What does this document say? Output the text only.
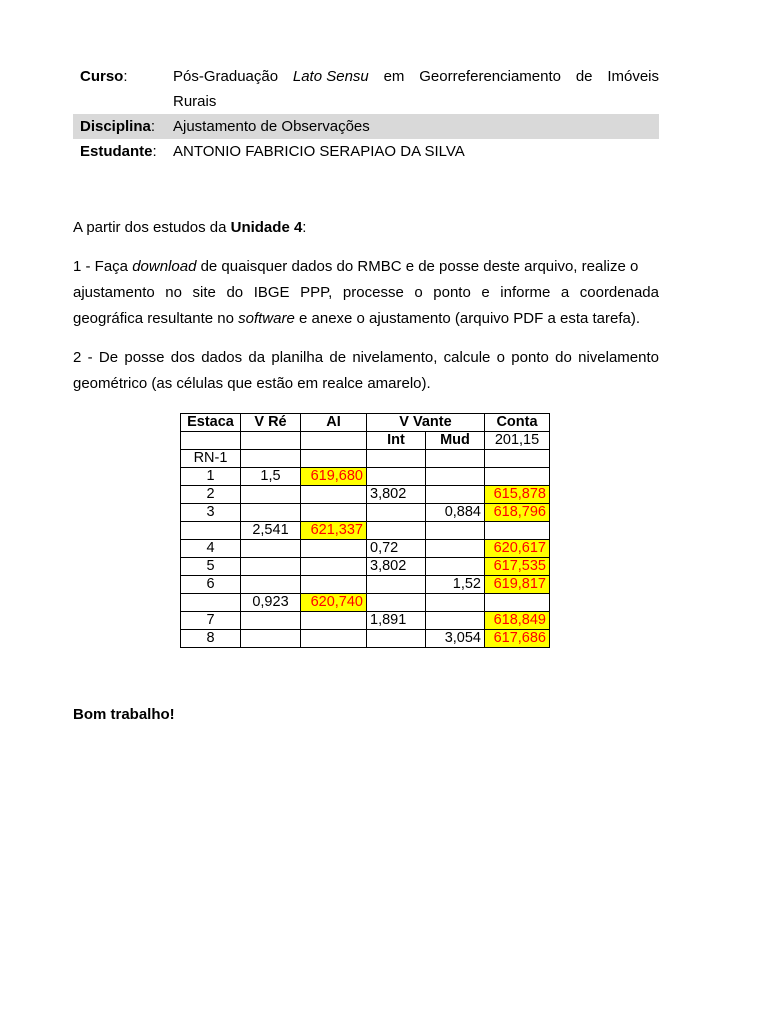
Curso:	Pós-Graduação Lato Sensu em Georreferenciamento de Imóveis
Rurais
Disciplina:	Ajustamento de Observações
Estudante:	ANTONIO FABRICIO SERAPIAO DA SILVA
A partir dos estudos da Unidade 4:
1 - Faça download de quaisquer dados do RMBC e de posse deste arquivo, realize o
ajustamento no site do IBGE PPP, processe o ponto e informe a coordenada
geográfica resultante no software e anexe o ajustamento (arquivo PDF a esta tarefa).
2 - De posse dos dados da planilha de nivelamento, calcule o ponto do nivelamento
geométrico (as células que estão em realce amarelo).
Estaca	V Ré	AI	V Vante		Conta
			Int	Mud	201,15
RN-1					
1	1,5	619,680			
2			3,802		615,878
3				0,884	618,796
	2,541	621,337			
4			0,72		620,617
5			3,802		617,535
6				1,52	619,817
	0,923	620,740			
7			1,891		618,849
8				3,054	617,686
Bom trabalho!
